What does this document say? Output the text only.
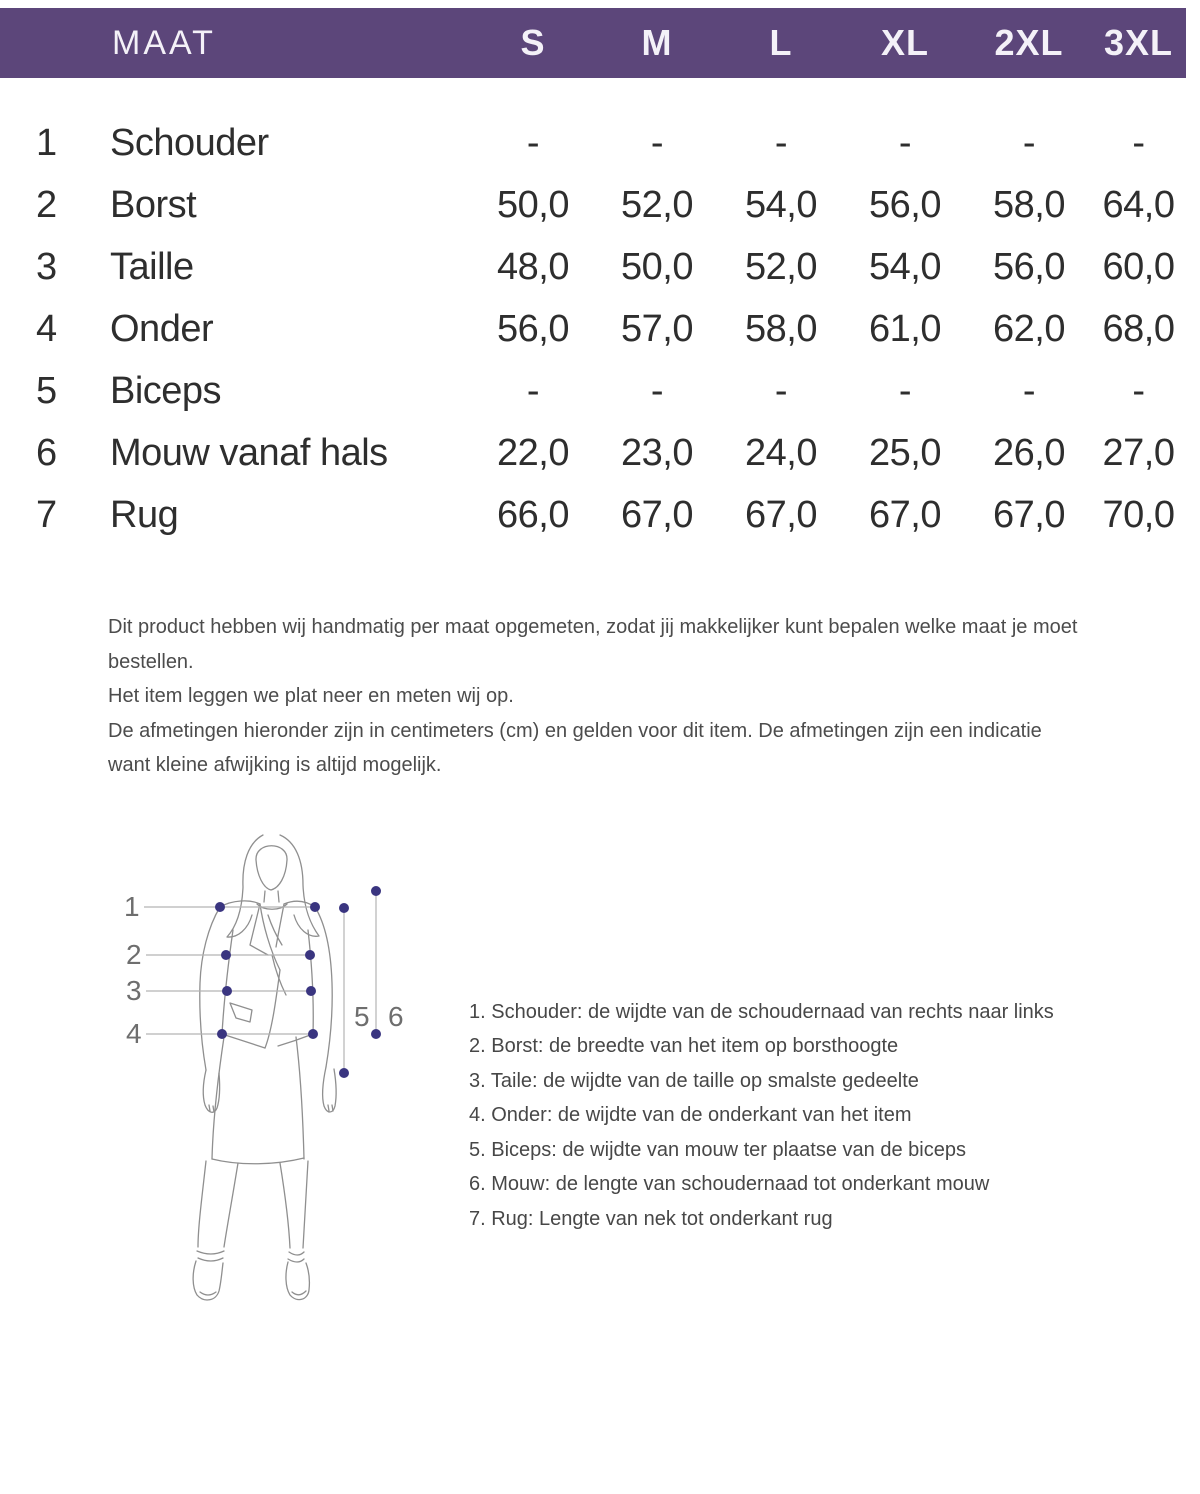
MAAT	S	M	L	XL	2XL	3XL
1	Schouder	-	-	-	-	-	-
2	Borst	50,0	52,0	54,0	56,0	58,0 64,0
3	Taille	48,0	50,0	52,0	54,0	56,0 60,0
4	Onder	56,0	57,0	58,0	61,0	62,0 68,0
5	Biceps	-	-	-	-	-	-
6	Mouw vanaf hals	22,0	23,0	24,0	25,0	26,0 27,0
7	Rug	66,0	67,0	67,0	67,0	67,0 70,0

Dit product hebben wij handmatig per maat opgemeten, zodat jij makkelijker kunt bepalen welke maat je moet bestellen.

Het item leggen we plat neer en meten wij op.

De afmetingen hieronder zijn in centimeters (cm) en gelden voor dit item. De afmetingen zijn een indicatie want kleine afwijking is altijd mogelijk.

1
2
3
4
5 6	1. Schouder: de wijdte van de schoudernaad van rechts naar links
2. Borst: de breedte van het item op borsthoogte
3. Taile: de wijdte van de taille op smalste gedeelte
4. Onder: de wijdte van de onderkant van het item
5. Biceps: de wijdte van mouw ter plaatse van de biceps
6. Mouw: de lengte van schoudernaad tot onderkant mouw
7. Rug: Lengte van nek tot onderkant rug
